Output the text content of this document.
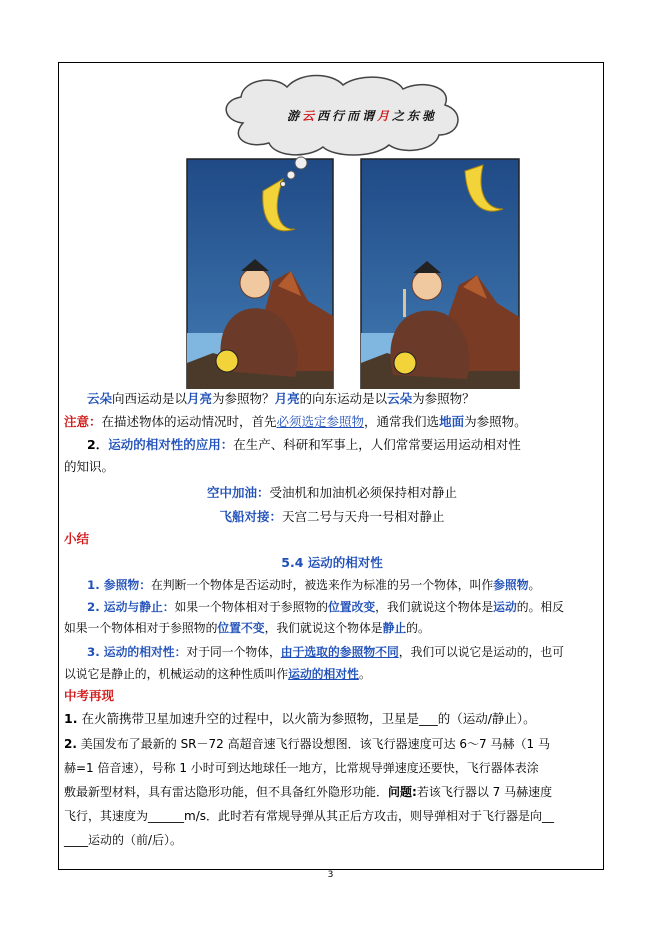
游 云 西 行 而 谓 月 之 东 驰
云朵向西运动是以月亮为参照物？月亮的向东运动是以云朵为参照物？
注意：在描述物体的运动情况时，首先必须选定参照物，通常我们选地面为参照物。
2．运动的相对性的应用：在生产、科研和军事上，人们常常要运用运动相对性
的知识。
空中加油：受油机和加油机必须保持相对静止
飞船对接：天宫二号与天舟一号相对静止
小结
5.4 运动的相对性
1. 参照物：在判断一个物体是否运动时，被选来作为标准的另一个物体，叫作参照物。
2. 运动与静止：如果一个物体相对于参照物的位置改变，我们就说这个物体是运动的。相反
如果一个物体相对于参照物的位置不变，我们就说这个物体是静止的。
3. 运动的相对性：对于同一个物体，由于选取的参照物不同，我们可以说它是运动的，也可
以说它是静止的，机械运动的这种性质叫作运动的相对性。
中考再现
1. 在火箭携带卫星加速升空的过程中，以火箭为参照物，卫星是___的（运动/静止）。
2. 美国发布了最新的 SR－72 高超音速飞行器设想图．该飞行器速度可达 6～7 马赫（1 马
赫=1 倍音速），号称 1 小时可到达地球任一地方，比常规导弹速度还要快，飞行器体表涂
敷最新型材料，具有雷达隐形功能，但不具备红外隐形功能．问题:若该飞行器以 7 马赫速度
飞行，其速度为______m/s．此时若有常规导弹从其正后方攻击，则导弹相对于飞行器是向__
____运动的（前/后）。
3
